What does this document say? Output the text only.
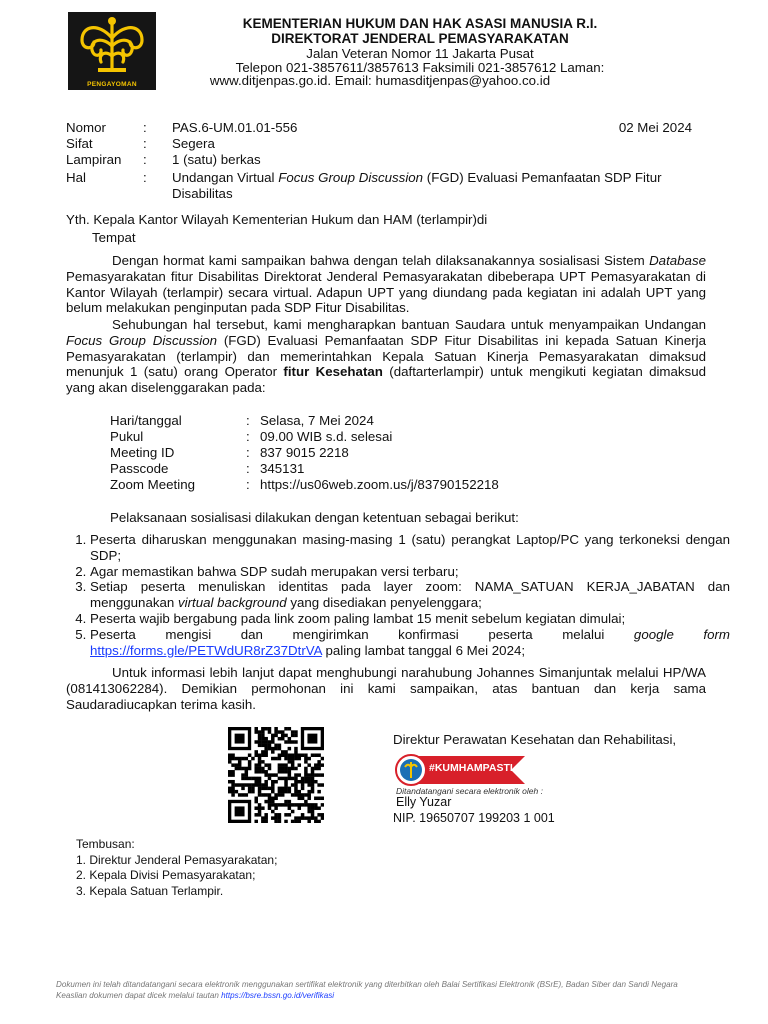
PENGAYOMAN
KEMENTERIAN HUKUM DAN HAK ASASI MANUSIA R.I.
DIREKTORAT JENDERAL PEMASYARAKATAN
Jalan Veteran Nomor 11 Jakarta Pusat
Telepon 021-3857611/3857613 Faksimili 021-3857612 Laman:
www.ditjenpas.go.id. Email: humasditjenpas@yahoo.co.id
Nomor	: PAS.6-UM.01.01-556	02 Mei 2024
Sifat	: Segera
Lampiran : 1 (satu) berkas
Hal	: Undangan Virtual Focus Group Discussion (FGD) Evaluasi Pemanfaatan SDP Fitur
Disabilitas
Yth. Kepala Kantor Wilayah Kementerian Hukum dan HAM (terlampir)di
Tempat
Dengan hormat kami sampaikan bahwa dengan telah dilaksanakannya sosialisasi Sistem Database Pemasyarakatan fitur Disabilitas Direktorat Jenderal Pemasyarakatan dibeberapa UPT Pemasyarakatan di Kantor Wilayah (terlampir) secara virtual. Adapun UPT yang diundang pada kegiatan ini adalah UPT yang belum melakukan penginputan pada SDP Fitur Disabilitas.
Sehubungan hal tersebut, kami mengharapkan bantuan Saudara untuk menyampaikan Undangan Focus Group Discussion (FGD) Evaluasi Pemanfaatan SDP Fitur Disabilitas ini kepada Satuan Kinerja Pemasyarakatan (terlampir) dan memerintahkan Kepala Satuan Kinerja Pemasyarakatan dimaksud menunjuk 1 (satu) orang Operator fitur Kesehatan (daftarterlampir) untuk mengikuti kegiatan dimaksud yang akan diselenggarakan pada:
Hari/tanggal	: Selasa, 7 Mei 2024
Pukul	: 09.00 WIB s.d. selesai
Meeting ID	: 837 9015 2218
Passcode	: 345131
Zoom Meeting	: https://us06web.zoom.us/j/83790152218
Pelaksanaan sosialisasi dilakukan dengan ketentuan sebagai berikut:
1. Peserta diharuskan menggunakan masing-masing 1 (satu) perangkat Laptop/PC yang terkoneksi dengan SDP;
2. Agar memastikan bahwa SDP sudah merupakan versi terbaru;
3. Setiap peserta menuliskan identitas pada layer zoom: NAMA_SATUAN KERJA_JABATAN dan menggunakan virtual background yang disediakan penyelenggara;
4. Peserta wajib bergabung pada link zoom paling lambat 15 menit sebelum kegiatan dimulai;
5. Peserta mengisi dan mengirimkan konfirmasi peserta melalui google form https://forms.gle/PETWdUR8rZ37DtrVA paling lambat tanggal 6 Mei 2024;
Untuk informasi lebih lanjut dapat menghubungi narahubung Johannes Simanjuntak melalui HP/WA (081413062284). Demikian permohonan ini kami sampaikan, atas bantuan dan kerja sama Saudaradiucapkan terima kasih.
Direktur Perawatan Kesehatan dan Rehabilitasi,
#KUMHAMPASTI
Ditandatangani secara elektronik oleh :
Elly Yuzar
NIP. 19650707 199203 1 001
Tembusan:
1. Direktur Jenderal Pemasyarakatan;
2. Kepala Divisi Pemasyarakatan;
3. Kepala Satuan Terlampir.
Dokumen ini telah ditandatangani secara elektronik menggunakan sertifikat elektronik yang diterbitkan oleh Balai Sertifikasi Elektronik (BSrE), Badan Siber dan Sandi Negara
Keaslian dokumen dapat dicek melalui tautan https://bsre.bssn.go.id/verifikasi
